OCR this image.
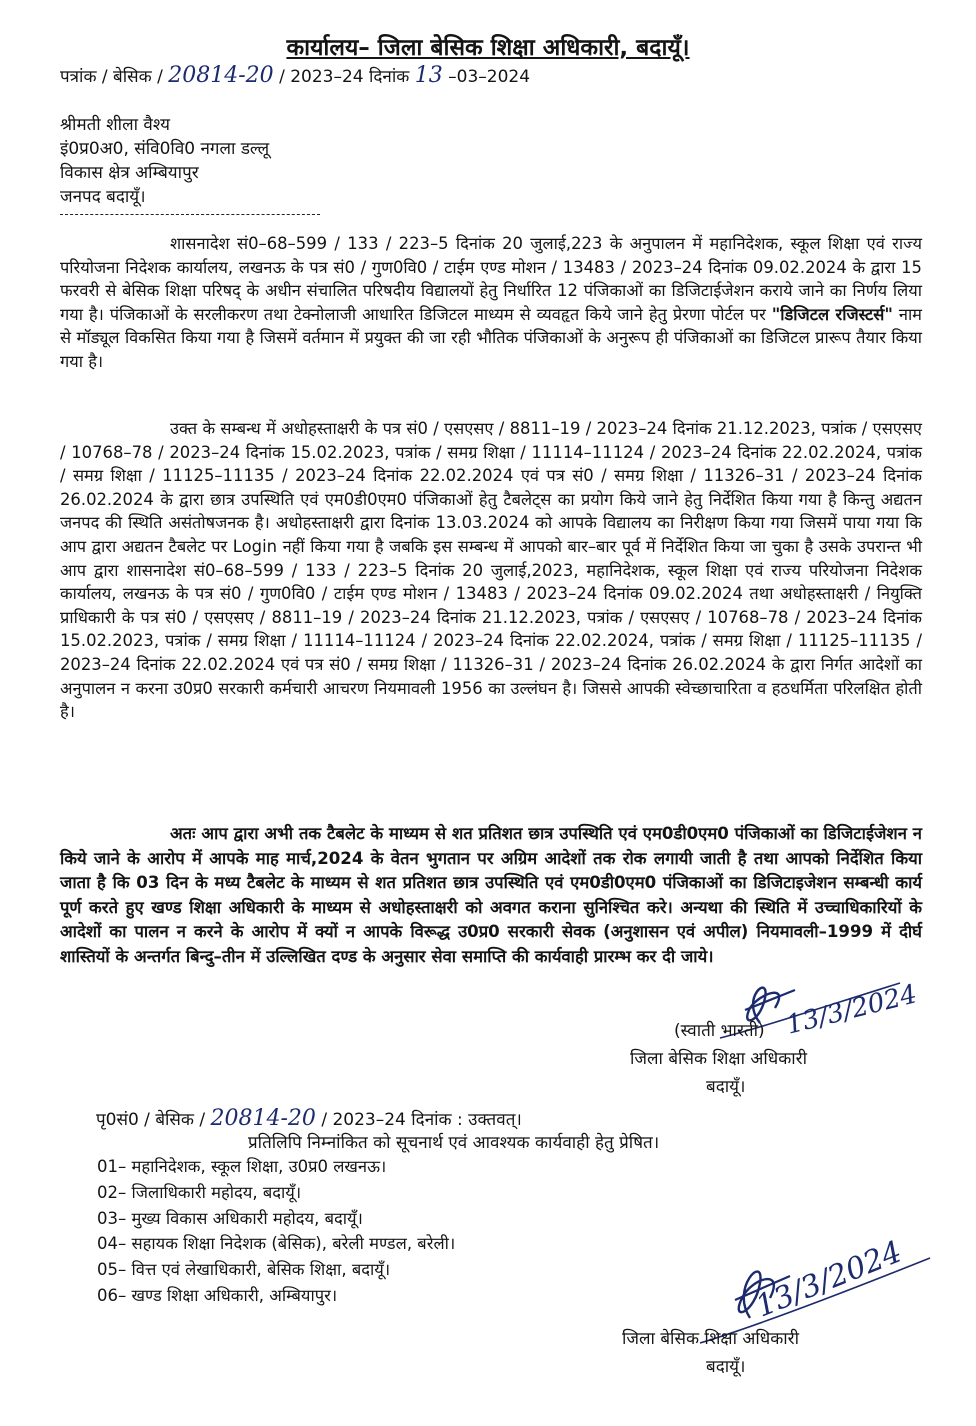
कार्यालय– जिला बेसिक शिक्षा अधिकारी, बदायूँ।
पत्रांक / बेसिक / 20814-20 / 2023–24 दिनांक 13 –03–2024
श्रीमती शीला वैश्य
इं0प्र0अ0, संवि0वि0 नगला डल्लू
विकास क्षेत्र अम्बियापुर
जनपद बदायूँ।
शासनादेश सं0–68–599 / 133 / 223–5 दिनांक 20 जुलाई,223 के अनुपालन में महानिदेशक, स्कूल शिक्षा एवं राज्य परियोजना निदेशक कार्यालय, लखनऊ के पत्र सं0 / गुण0वि0 / टाईम एण्ड मोशन / 13483 / 2023–24 दिनांक 09.02.2024 के द्वारा 15 फरवरी से बेसिक शिक्षा परिषद् के अधीन संचालित परिषदीय विद्यालयों हेतु निर्धारित 12 पंजिकाओं का डिजिटाईजेशन कराये जाने का निर्णय लिया गया है। पंजिकाओं के सरलीकरण तथा टेक्नोलाजी आधारित डिजिटल माध्यम से व्यवहृत किये जाने हेतु प्रेरणा पोर्टल पर "डिजिटल रजिस्टर्स" नाम से मॉड्यूल विकसित किया गया है जिसमें वर्तमान में प्रयुक्त की जा रही भौतिक पंजिकाओं के अनुरूप ही पंजिकाओं का डिजिटल प्रारूप तैयार किया गया है।
उक्त के सम्बन्ध में अधोहस्ताक्षरी के पत्र सं0 / एसएसए / 8811–19 / 2023–24 दिनांक 21.12.2023, पत्रांक / एसएसए / 10768–78 / 2023–24 दिनांक 15.02.2023, पत्रांक / समग्र शिक्षा / 11114–11124 / 2023–24 दिनांक 22.02.2024, पत्रांक / समग्र शिक्षा / 11125–11135 / 2023–24 दिनांक 22.02.2024 एवं पत्र सं0 / समग्र शिक्षा / 11326–31 / 2023–24 दिनांक 26.02.2024 के द्वारा छात्र उपस्थिति एवं एम0डी0एम0 पंजिकाओं हेतु टैबलेट्स का प्रयोग किये जाने हेतु निर्देशित किया गया है किन्तु अद्यतन जनपद की स्थिति असंतोषजनक है। अधोहस्ताक्षरी द्वारा दिनांक 13.03.2024 को आपके विद्यालय का निरीक्षण किया गया जिसमें पाया गया कि आप द्वारा अद्यतन टैबलेट पर Login नहीं किया गया है जबकि इस सम्बन्ध में आपको बार–बार पूर्व में निर्देशित किया जा चुका है उसके उपरान्त भी आप द्वारा शासनादेश सं0–68–599 / 133 / 223–5 दिनांक 20 जुलाई,2023, महानिदेशक, स्कूल शिक्षा एवं राज्य परियोजना निदेशक कार्यालय, लखनऊ के पत्र सं0 / गुण0वि0 / टाईम एण्ड मोशन / 13483 / 2023–24 दिनांक 09.02.2024 तथा अधोहस्ताक्षरी / नियुक्ति प्राधिकारी के पत्र सं0 / एसएसए / 8811–19 / 2023–24 दिनांक 21.12.2023, पत्रांक / एसएसए / 10768–78 / 2023–24 दिनांक 15.02.2023, पत्रांक / समग्र शिक्षा / 11114–11124 / 2023–24 दिनांक 22.02.2024, पत्रांक / समग्र शिक्षा / 11125–11135 / 2023–24 दिनांक 22.02.2024 एवं पत्र सं0 / समग्र शिक्षा / 11326–31 / 2023–24 दिनांक 26.02.2024 के द्वारा निर्गत आदेशों का अनुपालन न करना उ0प्र0 सरकारी कर्मचारी आचरण नियमावली 1956 का उल्लंघन है। जिससे आपकी स्वेच्छाचारिता व हठधर्मिता परिलक्षित होती है।
अतः आप द्वारा अभी तक टैबलेट के माध्यम से शत प्रतिशत छात्र उपस्थिति एवं एम0डी0एम0 पंजिकाओं का डिजिटाईजेशन न किये जाने के आरोप में आपके माह मार्च,2024 के वेतन भुगतान पर अग्रिम आदेशों तक रोक लगायी जाती है तथा आपको निर्देशित किया जाता है कि 03 दिन के मध्य टैबलेट के माध्यम से शत प्रतिशत छात्र उपस्थिति एवं एम0डी0एम0 पंजिकाओं का डिजिटाइजेशन सम्बन्धी कार्य पूर्ण करते हुए खण्ड शिक्षा अधिकारी के माध्यम से अधोहस्ताक्षरी को अवगत कराना सुनिश्चित करे। अन्यथा की स्थिति में उच्चाधिकारियों के आदेशों का पालन न करने के आरोप में क्यों न आपके विरूद्ध उ0प्र0 सरकारी सेवक (अनुशासन एवं अपील) नियमावली–1999 में दीर्घ शास्तियों के अन्तर्गत बिन्दु–तीन में उल्लिखित दण्ड के अनुसार सेवा समाप्ति की कार्यवाही प्रारम्भ कर दी जाये।
13/3/2024
(स्वाती भारती)
जिला बेसिक शिक्षा अधिकारी
बदायूँ।
पृ0सं0 / बेसिक / 20814-20 / 2023–24 दिनांक : उक्तवत्।
प्रतिलिपि निम्नांकित को सूचनार्थ एवं आवश्यक कार्यवाही हेतु प्रेषित।
01– महानिदेशक, स्कूल शिक्षा, उ0प्र0 लखनऊ।
02– जिलाधिकारी महोदय, बदायूँ।
03– मुख्य विकास अधिकारी महोदय, बदायूँ।
04– सहायक शिक्षा निदेशक (बेसिक), बरेली मण्डल, बरेली।
05– वित्त एवं लेखाधिकारी, बेसिक शिक्षा, बदायूँ।
06– खण्ड शिक्षा अधिकारी, अम्बियापुर।	13/3/2024
जिला बेसिक शिक्षा अधिकारी
बदायूँ।
